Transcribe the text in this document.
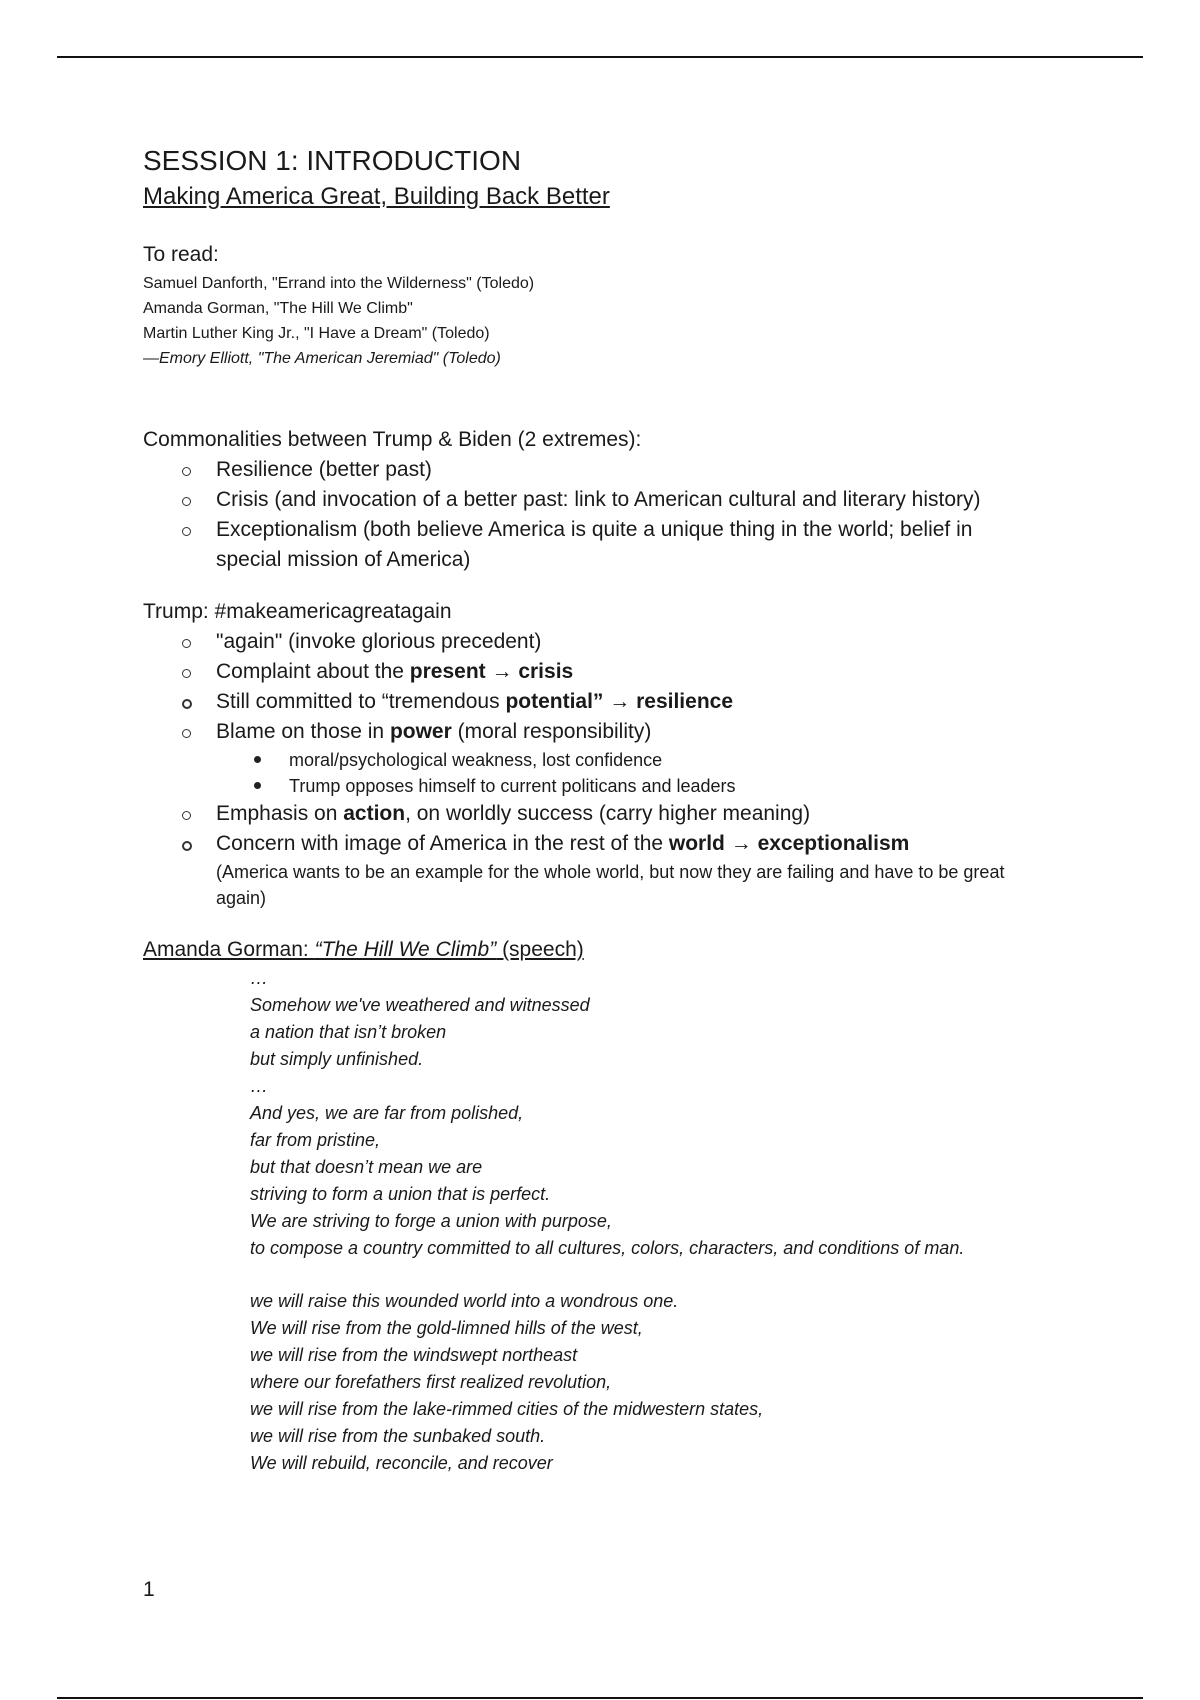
SESSION 1: INTRODUCTION
Making America Great, Building Back Better
To read:
Samuel Danforth, "Errand into the Wilderness" (Toledo)
Amanda Gorman, "The Hill We Climb"
Martin Luther King Jr., "I Have a Dream" (Toledo)
—Emory Elliott, "The American Jeremiad" (Toledo)
Commonalities between Trump & Biden (2 extremes):
Resilience (better past)
Crisis (and invocation of a better past: link to American cultural and literary history)
Exceptionalism (both believe America is quite a unique thing in the world; belief in special mission of America)
Trump: #makeamericagreatagain
"again" (invoke glorious precedent)
Complaint about the present → crisis
Still committed to “tremendous potential” → resilience
Blame on those in power (moral responsibility)
moral/psychological weakness, lost confidence
Trump opposes himself to current politicans and leaders
Emphasis on action, on worldly success (carry higher meaning)
Concern with image of America in the rest of the world → exceptionalism
(America wants to be an example for the whole world, but now they are failing and have to be great again)
Amanda Gorman: “The Hill We Climb” (speech)
…
Somehow we've weathered and witnessed
a nation that isn’t broken
but simply unfinished.
…
And yes, we are far from polished,
far from pristine,
but that doesn’t mean we are
striving to form a union that is perfect.
We are striving to forge a union with purpose,
to compose a country committed to all cultures, colors, characters, and conditions of man.
we will raise this wounded world into a wondrous one.
We will rise from the gold-limned hills of the west,
we will rise from the windswept northeast
where our forefathers first realized revolution,
we will rise from the lake-rimmed cities of the midwestern states,
we will rise from the sunbaked south.
We will rebuild, reconcile, and recover
1
